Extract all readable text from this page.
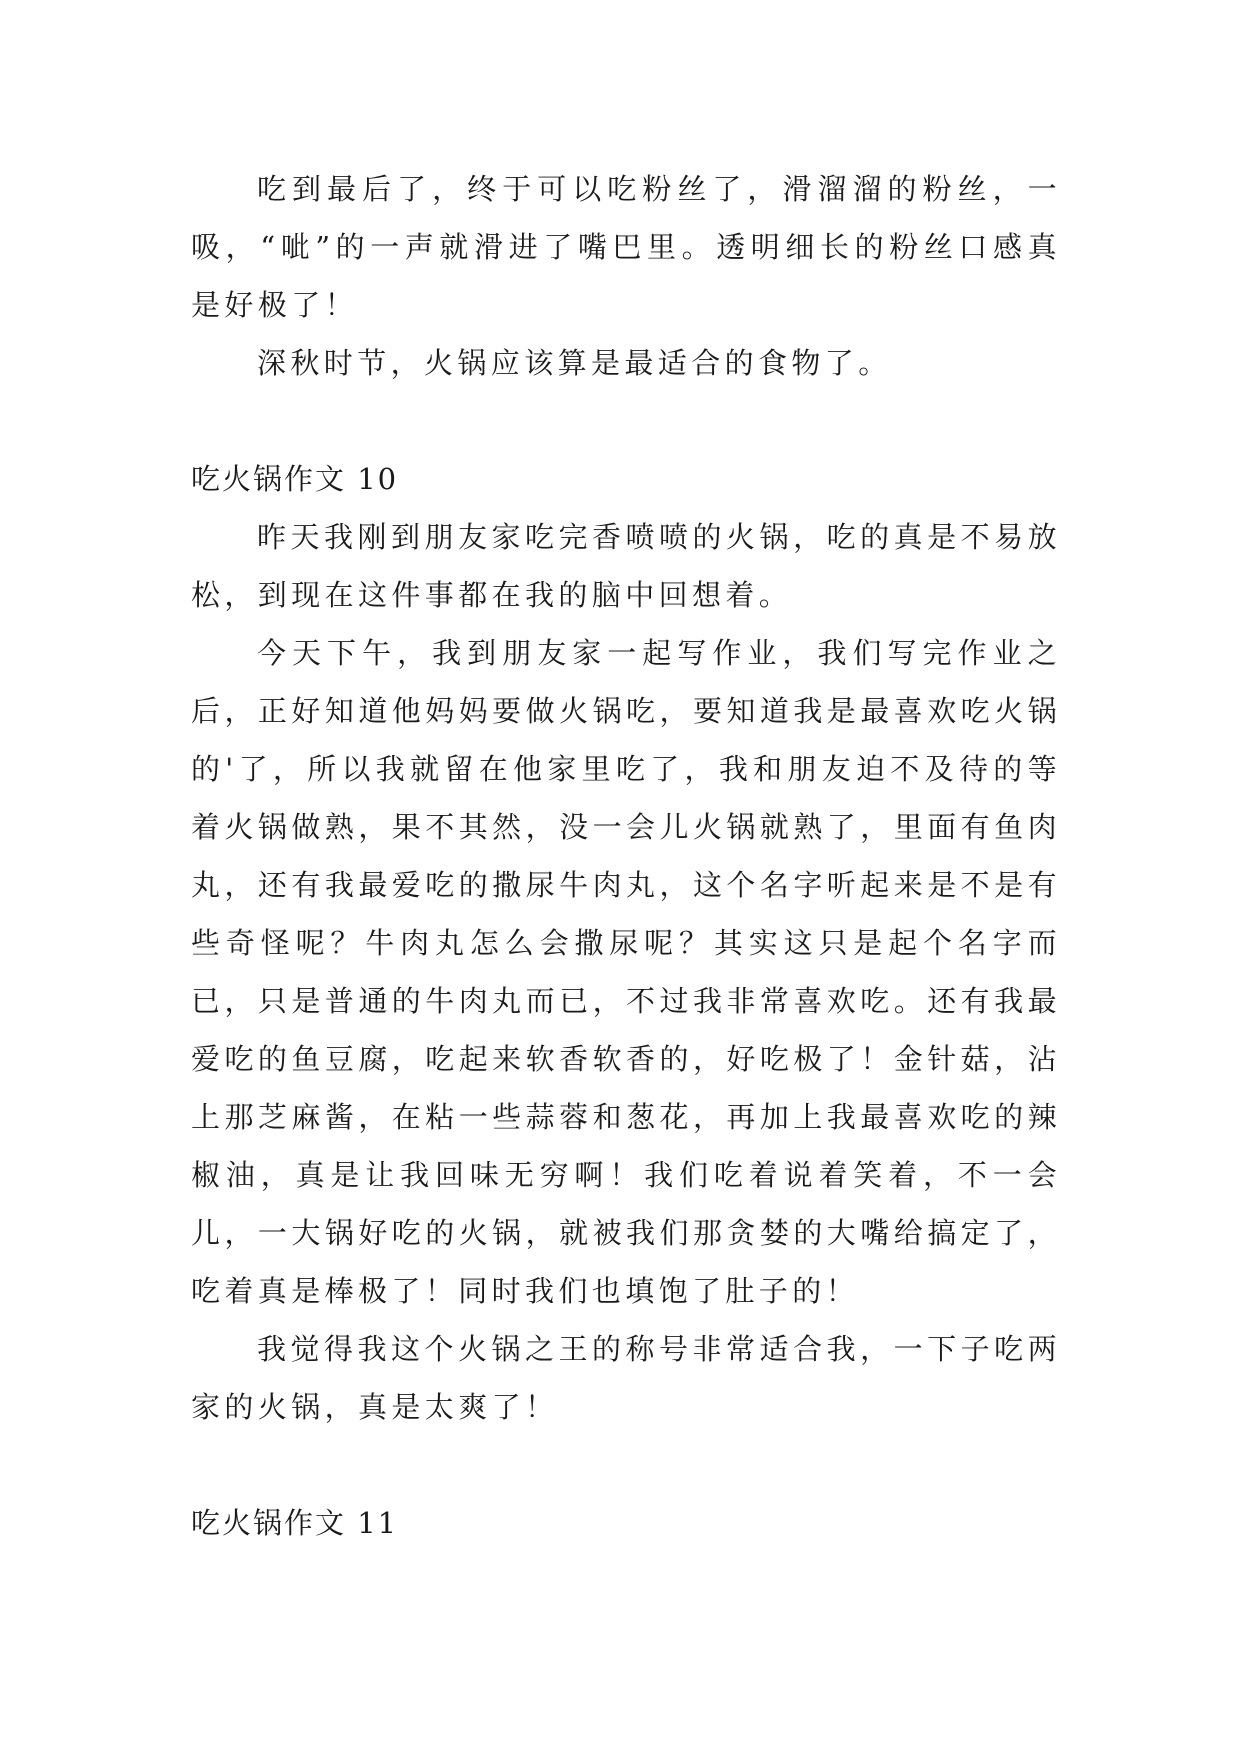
吃到最后了，终于可以吃粉丝了，滑溜溜的粉丝，一吸，“呲”的一声就滑进了嘴巴里。透明细长的粉丝口感真是好极了！

深秋时节，火锅应该算是最适合的食物了。

吃火锅作文 10

昨天我刚到朋友家吃完香喷喷的火锅，吃的真是不易放松，到现在这件事都在我的脑中回想着。

今天下午，我到朋友家一起写作业，我们写完作业之后，正好知道他妈妈要做火锅吃，要知道我是最喜欢吃火锅的'了，所以我就留在他家里吃了，我和朋友迫不及待的等着火锅做熟，果不其然，没一会儿火锅就熟了，里面有鱼肉丸，还有我最爱吃的撒尿牛肉丸，这个名字听起来是不是有些奇怪呢？牛肉丸怎么会撒尿呢？其实这只是起个名字而已，只是普通的牛肉丸而已，不过我非常喜欢吃。还有我最爱吃的鱼豆腐，吃起来软香软香的，好吃极了！金针菇，沾上那芝麻酱，在粘一些蒜蓉和葱花，再加上我最喜欢吃的辣椒油，真是让我回味无穷啊！我们吃着说着笑着，不一会儿，一大锅好吃的火锅，就被我们那贪婪的大嘴给搞定了，吃着真是棒极了！同时我们也填饱了肚子的！

我觉得我这个火锅之王的称号非常适合我，一下子吃两家的火锅，真是太爽了！

吃火锅作文 11
